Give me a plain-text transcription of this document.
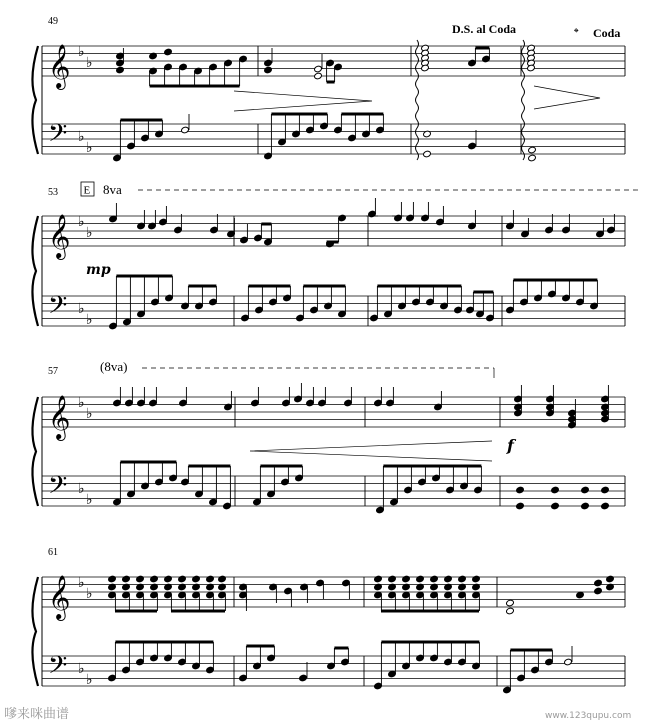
𝄞
𝄢
♭
♭
♭
♭
𝄞
𝄢
♭
♭
♭
♭
𝄞
𝄢
♭
♭
♭
♭
𝄞
𝄢
♭
♭
♭
♭
49
53
57
61
D.S. al Coda	𝄌 Coda
E 8va
(8va)
mp
f
嗲来咪曲谱	www.123qupu.com
